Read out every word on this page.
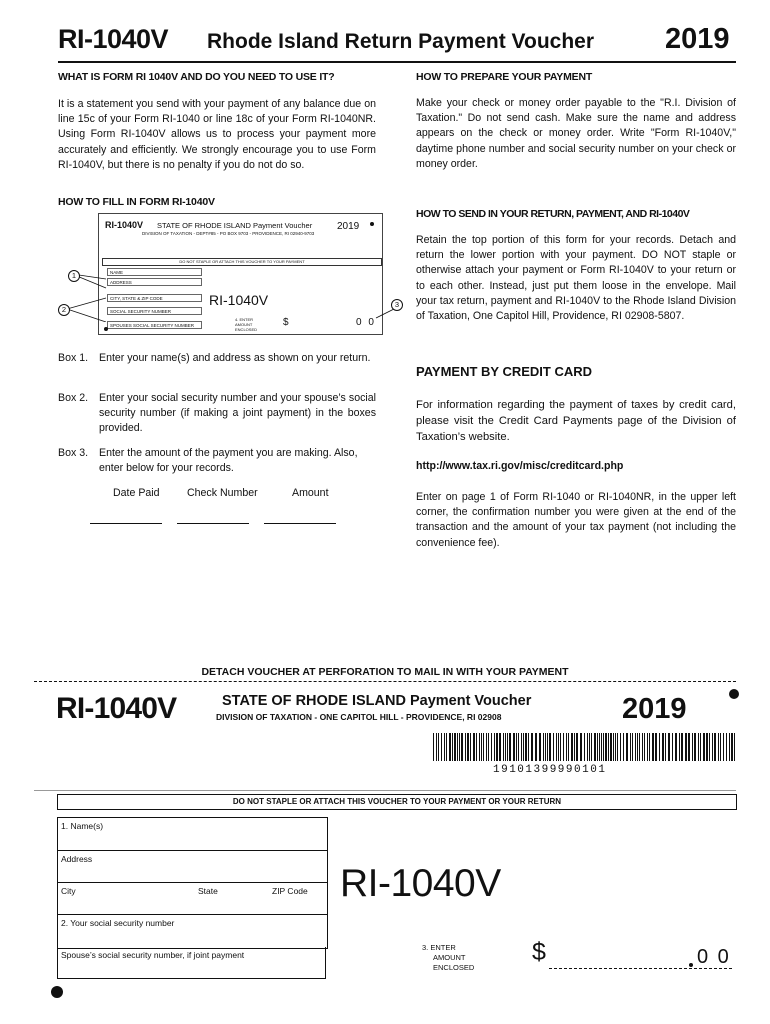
RI-1040V Rhode Island Return Payment Voucher 2019
WHAT IS FORM RI 1040V AND DO YOU NEED TO USE IT?
It is a statement you send with your payment of any balance due on line 15c of your Form RI-1040 or line 18c of your Form RI-1040NR. Using Form RI-1040V allows us to process your payment more accurately and efficiently. We strongly encourage you to use Form RI-1040V, but there is no penalty if you do not do so.
HOW TO FILL IN FORM RI-1040V
RI-1040V STATE OF RHODE ISLAND Payment Voucher
DIVISION OF TAXATION - DEPT#85 - PO BOX 9703 - PROVIDENCE, RI 02940-9703
2019
DO NOT STAPLE OR ATTACH THIS VOUCHER TO YOUR PAYMENT
NAME
ADDRESS
CITY, STATE & ZIP CODE
SOCIAL SECURITY NUMBER
SPOUSES SOCIAL SECURITY NUMBER
RI-1040V
4. ENTER AMOUNT ENCLOSED
$	0 0
1
2
3
Box 1. Enter your name(s) and address as shown on your return.
Box 2. Enter your social security number and your spouse’s social security number (if making a joint payment) in the boxes provided.
Box 3. Enter the amount of the payment you are making. Also, enter below for your records.
Date Paid	Check Number	Amount
HOW TO PREPARE YOUR PAYMENT
Make your check or money order payable to the "R.I. Division of Taxation." Do not send cash. Make sure the name and address appears on the check or money order. Write "Form RI-1040V," daytime phone number and social security number on your check or money order.
HOW TO SEND IN YOUR RETURN, PAYMENT, AND RI-1040V
Retain the top portion of this form for your records. Detach and return the lower portion with your payment. DO NOT staple or otherwise attach your payment or Form RI-1040V to your return or to each other. Instead, just put them loose in the envelope. Mail your tax return, payment and RI-1040V to the Rhode Island Division of Taxation, One Capitol Hill, Providence, RI 02908-5807.
PAYMENT BY CREDIT CARD
For information regarding the payment of taxes by credit card, please visit the Credit Card Payments page of the Division of Taxation’s website.
http://www.tax.ri.gov/misc/creditcard.php
Enter on page 1 of Form RI-1040 or RI-1040NR, in the upper left corner, the confirmation number you were given at the end of the transaction and the amount of your tax payment (not including the convenience fee).
DETACH VOUCHER AT PERFORATION TO MAIL IN WITH YOUR PAYMENT
RI-1040V	STATE OF RHODE ISLAND Payment Voucher
DIVISION OF TAXATION - ONE CAPITOL HILL - PROVIDENCE, RI 02908	2019
19101399990101
DO NOT STAPLE OR ATTACH THIS VOUCHER TO YOUR PAYMENT OR YOUR RETURN
1. Name(s)
Address
City	State	ZIP Code
2. Your social security number
Spouse’s social security number, if joint payment
RI-1040V
3. ENTER
AMOUNT
ENCLOSED
$	0 0
